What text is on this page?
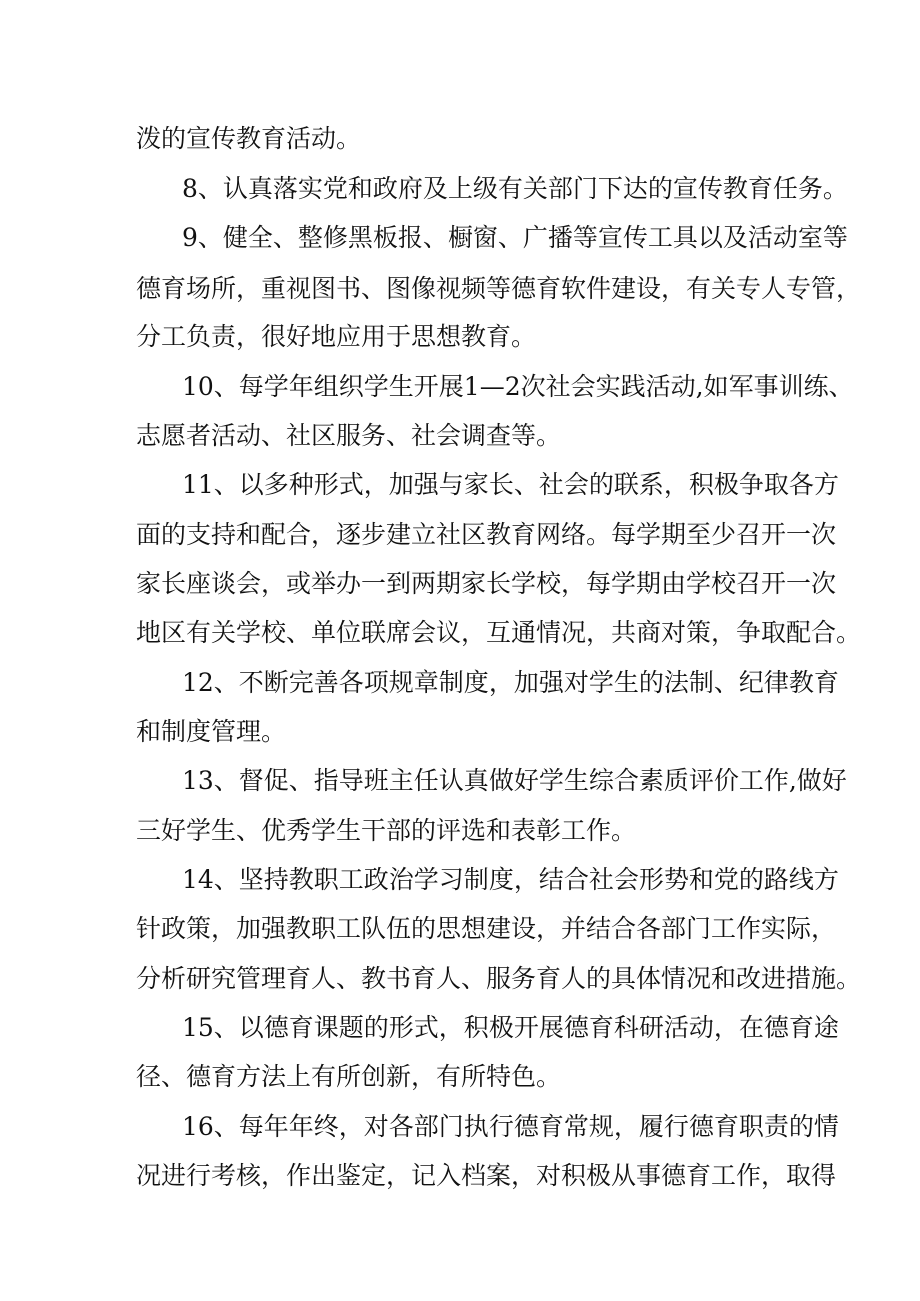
泼的宣传教育活动。
8、认真落实党和政府及上级有关部门下达的宣传教育任务。
9、健全、整修黑板报、橱窗、广播等宣传工具以及活动室等
德育场所，重视图书、图像视频等德育软件建设，有关专人专管，
分工负责，很好地应用于思想教育。
10、每学年组织学生开展1—2次社会实践活动,如军事训练、
志愿者活动、社区服务、社会调查等。
11、以多种形式，加强与家长、社会的联系，积极争取各方
面的支持和配合，逐步建立社区教育网络。每学期至少召开一次
家长座谈会，或举办一到两期家长学校，每学期由学校召开一次
地区有关学校、单位联席会议，互通情况，共商对策，争取配合。
12、不断完善各项规章制度，加强对学生的法制、纪律教育
和制度管理。
13、督促、指导班主任认真做好学生综合素质评价工作,做好
三好学生、优秀学生干部的评选和表彰工作。
14、坚持教职工政治学习制度，结合社会形势和党的路线方
针政策，加强教职工队伍的思想建设，并结合各部门工作实际，
分析研究管理育人、教书育人、服务育人的具体情况和改进措施。
15、以德育课题的形式，积极开展德育科研活动，在德育途
径、德育方法上有所创新，有所特色。
16、每年年终，对各部门执行德育常规，履行德育职责的情
况进行考核，作出鉴定，记入档案，对积极从事德育工作，取得
